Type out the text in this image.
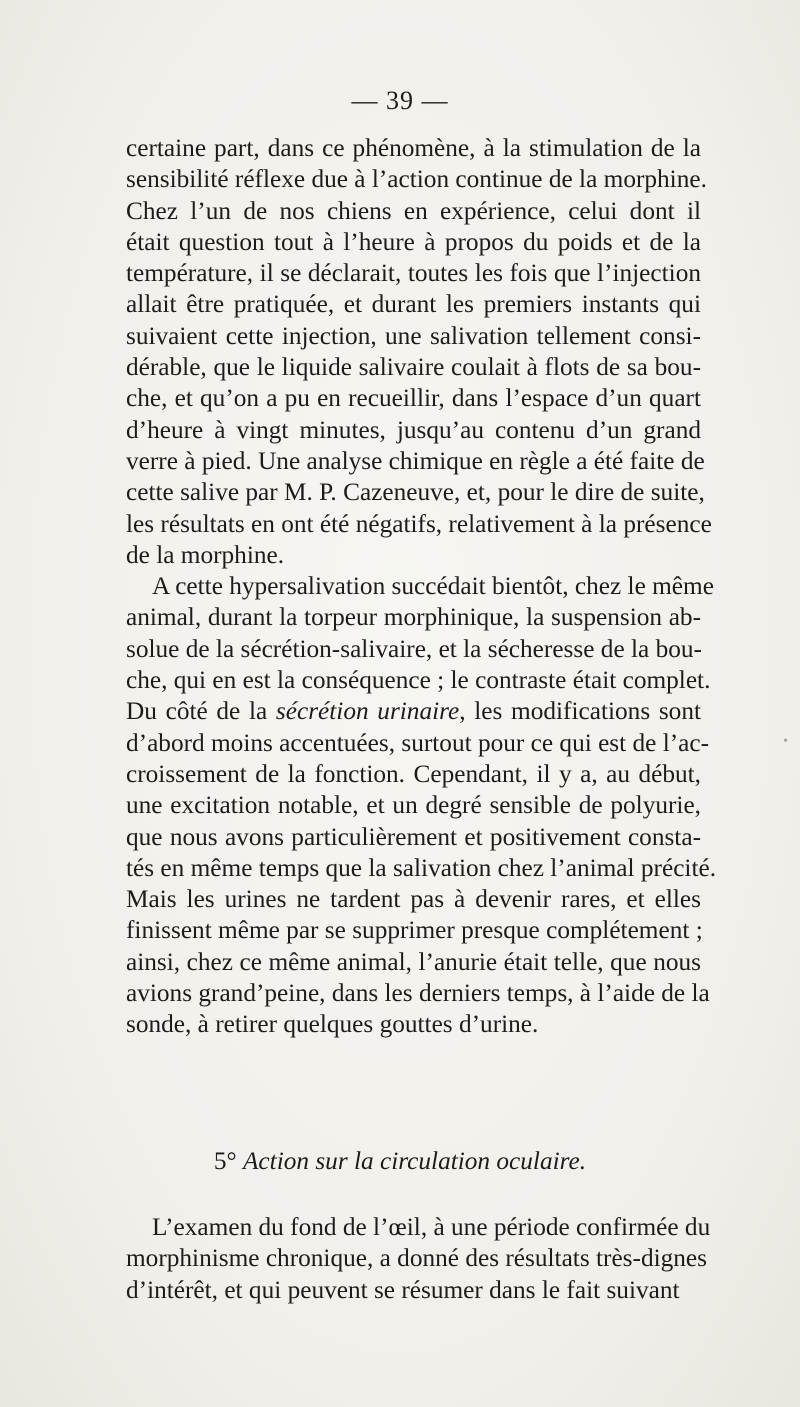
— 39 —
certaine part, dans ce phénomène, à la stimulation de la
sensibilité réflexe due à l’action continue de la morphine.
Chez l’un de nos chiens en expérience, celui dont il
était question tout à l’heure à propos du poids et de la
température, il se déclarait, toutes les fois que l’injection
allait être pratiquée, et durant les premiers instants qui
suivaient cette injection, une salivation tellement consi-
dérable, que le liquide salivaire coulait à flots de sa bou-
che, et qu’on a pu en recueillir, dans l’espace d’un quart
d’heure à vingt minutes, jusqu’au contenu d’un grand
verre à pied. Une analyse chimique en règle a été faite de
cette salive par M. P. Cazeneuve, et, pour le dire de suite,
les résultats en ont été négatifs, relativement à la présence
de la morphine.
A cette hypersalivation succédait bientôt, chez le même
animal, durant la torpeur morphinique, la suspension ab-
solue de la sécrétion-salivaire, et la sécheresse de la bou-
che, qui en est la conséquence ; le contraste était complet.
Du côté de la sécrétion urinaire, les modifications sont
d’abord moins accentuées, surtout pour ce qui est de l’ac-
croissement de la fonction. Cependant, il y a, au début,
une excitation notable, et un degré sensible de polyurie,
que nous avons particulièrement et positivement consta-
tés en même temps que la salivation chez l’animal précité.
Mais les urines ne tardent pas à devenir rares, et elles
finissent même par se supprimer presque complétement ;
ainsi, chez ce même animal, l’anurie était telle, que nous
avions grand’peine, dans les derniers temps, à l’aide de la
sonde, à retirer quelques gouttes d’urine.
5° Action sur la circulation oculaire.
L’examen du fond de l’œil, à une période confirmée du
morphinisme chronique, a donné des résultats très-dignes
d’intérêt, et qui peuvent se résumer dans le fait suivant
•
